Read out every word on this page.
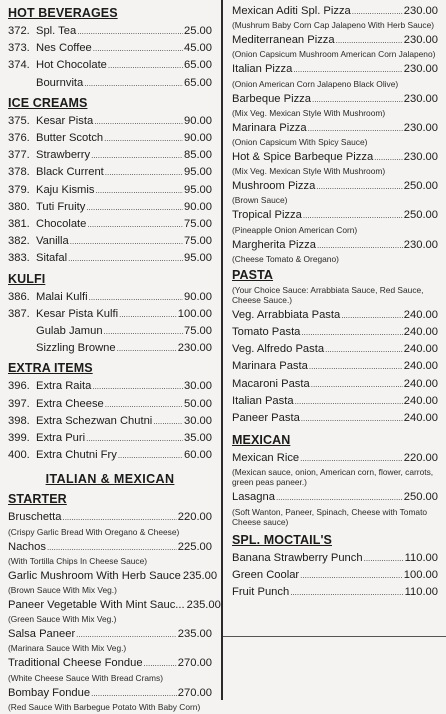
HOT BEVERAGES
372. Spl. Tea .....	25.00
373. Nes Coffee .....	45.00
374. Hot Chocolate .....	65.00
Bournvita .....	65.00
ICE CREAMS
375. Kesar Pista .....	90.00
376. Butter Scotch .....	90.00
377. Strawberry .....	85.00
378. Black Current .....	95.00
379. Kaju Kismis .....	95.00
380. Tuti Fruity .....	90.00
381. Chocolate .....	75.00
382. Vanilla .....	75.00
383. Sitafal .....	95.00
KULFI
386. Malai Kulfi .....	90.00
387. Kesar Pista Kulfi .....	100.00
Gulab Jamun .....	75.00
Sizzling Browne .....	230.00
EXTRA ITEMS
396. Extra Raita .....	30.00
397. Extra Cheese .....	50.00
398. Extra Schezwan Chutni .....	30.00
399. Extra Puri .....	35.00
400. Extra Chutni Fry .....	60.00
ITALIAN & MEXICAN
STARTER
Bruschetta .....	220.00
(Crispy Garlic Bread With Oregano & Cheese)
Nachos .....	225.00
(With Tortilla Chips In Cheese Sauce)
Garlic Mushroom With Herb Sauce 235.00
(Brown Sauce With Mix Veg.)
Paneer Vegetable With Mint Sauc... 235.00
(Green Sauce With Mix Veg.)
Salsa Paneer .....	235.00
(Marinara Sauce With Mix Veg.)
Traditional Cheese Fondue .....	270.00
(White Cheese Sauce With Bread Crams)
Bombay Fondue .....	270.00
(Red Sauce With Barbegue Potato With Baby Corn)
Mexican Aditi Spl. Pizza .....	230.00
(Mushrum Baby Corn Cap Jalapeno With Herb Sauce)
Mediterranean Pizza .....	230.00
(Onion Capsicum Mushroom American Corn Jalapeno)
Italian Pizza .....	230.00
(Onion American Corn Jalapeno Black Olive)
Barbeque Pizza .....	230.00
(Mix Veg. Mexican Style With Mushroom)
Marinara Pizza .....	230.00
(Onion Capsicum With Spicy Sauce)
Hot & Spice Barbeque Pizza .....	230.00
(Mix Veg. Mexican Style With Mushroom)
Mushroom Pizza .....	250.00
(Brown Sauce)
Tropical Pizza .....	250.00
(Pineapple Onion American Corn)
Margherita Pizza .....	230.00
(Cheese Tomato & Oregano)
PASTA
(Your Choice Sauce: Arrabbiata Sauce, Red Sauce, Cheese Sauce.)
Veg. Arrabbiata Pasta .....	240.00
Tomato Pasta .....	240.00
Veg. Alfredo Pasta .....	240.00
Marinara Pasta .....	240.00
Macaroni Pasta .....	240.00
Italian Pasta .....	240.00
Paneer Pasta .....	240.00
MEXICAN
Mexican Rice .....	220.00
(Mexican sauce, onion, American corn, flower, carrots, green peas paneer.)
Lasagna .....	250.00
(Soft Wanton, Paneer, Spinach, Cheese with Tomato Cheese sauce)
SPL. MOCTAIL'S
Banana Strawberry Punch .....	110.00
Green Coolar .....	100.00
Fruit Punch .....	110.00
